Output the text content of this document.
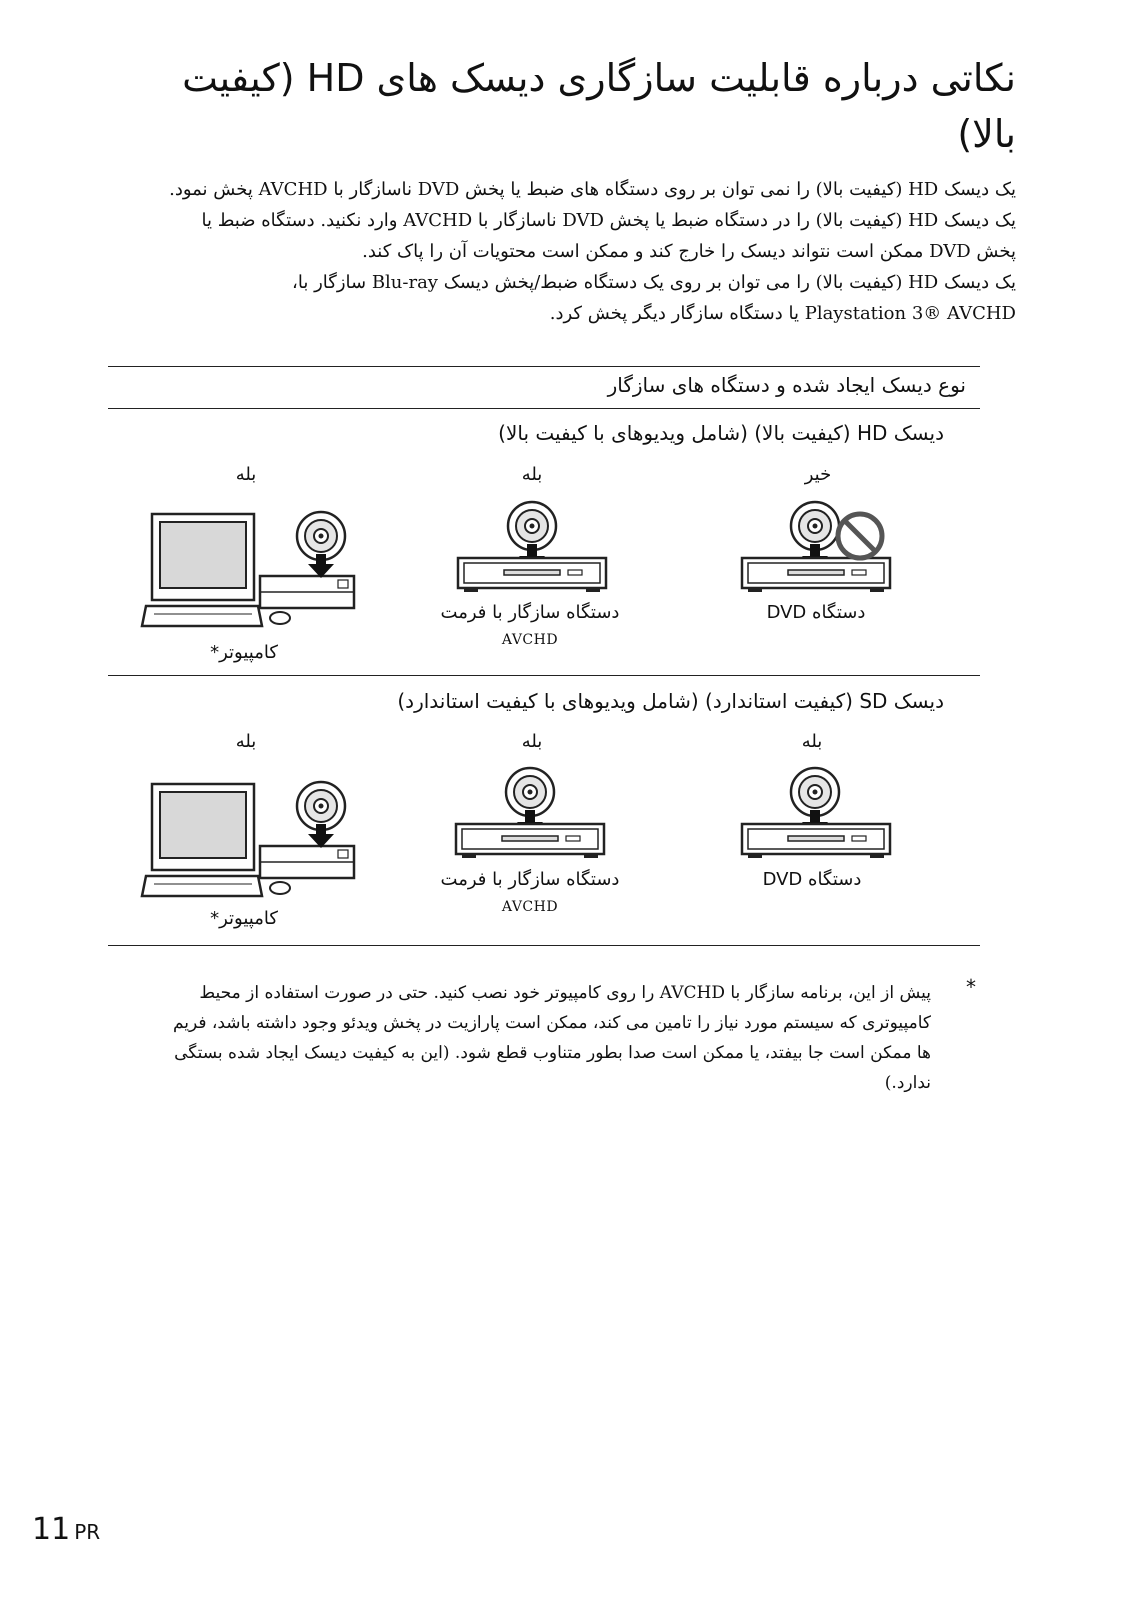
نکاتی درباره قابلیت سازگاری دیسک های HD (کیفیت بالا)

یک دیسک HD (کیفیت بالا) را نمی توان بر روی دستگاه های ضبط یا پخش DVD ناسازگار با AVCHD پخش نمود.

یک دیسک HD (کیفیت بالا) را در دستگاه ضبط یا پخش DVD ناسازگار با AVCHD وارد نکنید. دستگاه ضبط یا

پخش DVD ممکن است نتواند دیسک را خارج کند و ممکن است محتویات آن را پاک کند.

یک دیسک HD (کیفیت بالا) را می توان بر روی یک دستگاه ضبط/پخش دیسک Blu-ray سازگار با،

Playstation 3® AVCHD یا دستگاه سازگار دیگر پخش کرد.

نوع دیسک ایجاد شده و دستگاه های سازگار
دیسک HD (کیفیت بالا) (شامل ویدیوهای با کیفیت بالا)
دیسک SD (کیفیت استاندارد) (شامل ویدیوهای با کیفیت استاندارد)
خیر
بله
بله
دستگاه DVD
دستگاه سازگار با فرمت
AVCHD
کامپیوتر*
بله
بله
بله
دستگاه DVD
دستگاه سازگار با فرمت
AVCHD
کامپیوتر*
*

پیش از این، برنامه سازگار با AVCHD را روی کامپیوتر خود نصب کنید. حتی در صورت استفاده از محیط

کامپیوتری که سیستم مورد نیاز را تامین می کند، ممکن است پارازیت در پخش ویدئو وجود داشته باشد، فریم

ها ممکن است جا بیفتد، یا ممکن است صدا بطور متناوب قطع شود. (این به کیفیت دیسک ایجاد شده بستگی

ندارد.)

11 PR
